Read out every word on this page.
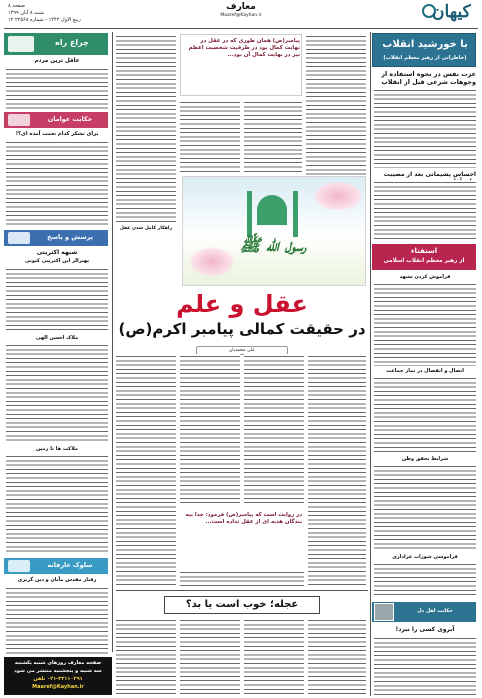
صفحه ۸
شنبه ۸ آبان ۱۳۹۹
۱۲ ربیع الاول ۱۴۴۲ - شماره ۲۲۵۶۸
معارف
Maaref@Kayhan.ir	کیهان
با خورشید انقلاب
(خاطراتی از رهبر معظم انقلاب)
عزت نفس در نحوه استفاده از وجوهات شرعی قبل از انقلاب
احساس پشیمانی بعد از مصیبت
استفتاء
از رهبر معظم انقلاب اسلامی
فراموش کردن تشهد
اتصال و انفصال در نماز جماعت
شرایط تحقق وطن
فراموشی شورات عزاداری
حکایت اهل دل
آبروی کسی را نبرد!
پیامبر(ص) همان طوری که در عقل در نهایت کمال بود در ظرفیت شخصیت اعظم نیز در نهایت کمال آن بود...
راهکار کامل شدن عقل
رسول الله ﷺ
عقل و علم
در حقیقت کمالی پیامبر اکرم(ص)
علی محمدیان
در روایت است که پیامبر(ص) فرمود: خدا بیه بندگان هدیه ای از عقل نداده است...
عجله؛ خوب است یا بد؟
چراغ راه
عاقل ترین مردم
حکایت عوامان
برای تشکر کدام نعمت آمده ای؟!
پرسش و پاسخ
شبهه اکثریتی
بهترالز این اکثریتی کنونی
ملاک احسن الهی
ملاکت ها تا زمین
سلوک عارفانه
رفتار مقدس مآبان و دین گریزی
صفحه معارف روزهای شنبه یکشنبه
سه شنبه و پنجشنبه منتشر می شود
۰۲۱-۳۳۱۱۰۲۹۱ تلفن
Maaref@Kayhan.ir
